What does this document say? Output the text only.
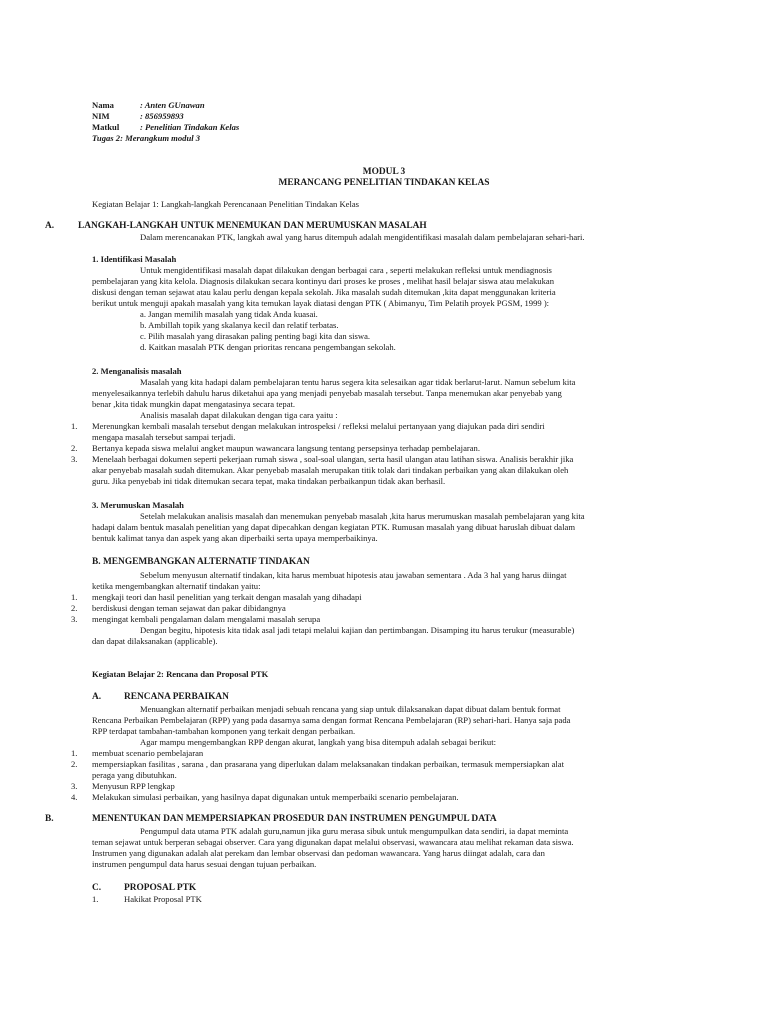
Nama	: Anten GUnawan
NIM	: 856959893
Matkul : Penelitian Tindakan Kelas
Tugas 2: Merangkum modul 3
MODUL 3
MERANCANG PENELITIAN TINDAKAN KELAS
Kegiatan Belajar 1: Langkah-langkah Perencanaan Penelitian Tindakan Kelas
A.	LANGKAH-LANGKAH UNTUK MENEMUKAN DAN MERUMUSKAN MASALAH
Dalam merencanakan PTK, langkah awal yang harus ditempuh adalah mengidentifikasi masalah dalam pembelajaran sehari-hari.
1. Identifikasi Masalah
Untuk mengidentifikasi masalah dapat dilakukan dengan berbagai cara , seperti melakukan refleksi untuk mendiagnosis
pembelajaran yang kita kelola. Diagnosis dilakukan secara kontinyu dari proses ke proses , melihat hasil belajar siswa atau melakukan
diskusi dengan teman sejawat atau kalau perlu dengan kepala sekolah. Jika masalah sudah ditemukan ,kita dapat menggunakan kriteria
berikut untuk menguji apakah masalah yang kita temukan layak diatasi dengan PTK ( Abimanyu, Tim Pelatih proyek PGSM, 1999 ):
a. Jangan memilih masalah yang tidak Anda kuasai.
b. Ambillah topik yang skalanya kecil dan relatif terbatas.
c. Pilih masalah yang dirasakan paling penting bagi kita dan siswa.
d. Kaitkan masalah PTK dengan prioritas rencana pengembangan sekolah.
2. Menganalisis masalah
Masalah yang kita hadapi dalam pembelajaran tentu harus segera kita selesaikan agar tidak berlarut-larut. Namun sebelum kita
menyelesaikannya terlebih dahulu harus diketahui apa yang menjadi penyebab masalah tersebut. Tanpa menemukan akar penyebab yang
benar ,kita tidak mungkin dapat mengatasinya secara tepat.
Analisis masalah dapat dilakukan dengan tiga cara yaitu :
1. Merenungkan kembali masalah tersebut dengan melakukan introspeksi / refleksi melalui pertanyaan yang diajukan pada diri sendiri
mengapa masalah tersebut sampai terjadi.
2. Bertanya kepada siswa melalui angket maupun wawancara langsung tentang persepsinya terhadap pembelajaran.
3. Menelaah berbagai dokumen seperti pekerjaan rumah siswa , soal-soal ulangan, serta hasil ulangan atau latihan siswa. Analisis berakhir jika
akar penyebab masalah sudah ditemukan. Akar penyebab masalah merupakan titik tolak dari tindakan perbaikan yang akan dilakukan oleh
guru. Jika penyebab ini tidak ditemukan secara tepat, maka tindakan perbaikanpun tidak akan berhasil.
3. Merumuskan Masalah
Setelah melakukan analisis masalah dan menemukan penyebab masalah ,kita harus merumuskan masalah pembelajaran yang kita
hadapi dalam bentuk masalah penelitian yang dapat dipecahkan dengan kegiatan PTK. Rumusan masalah yang dibuat haruslah dibuat dalam
bentuk kalimat tanya dan aspek yang akan diperbaiki serta upaya memperbaikinya.
B. MENGEMBANGKAN ALTERNATIF TINDAKAN
Sebelum menyusun alternatif tindakan, kita harus membuat hipotesis atau jawaban sementara . Ada 3 hal yang harus diingat
ketika mengembangkan alternatif tindakan yaitu:
1. mengkaji teori dan hasil penelitian yang terkait dengan masalah yang dihadapi
2. berdiskusi dengan teman sejawat dan pakar dibidangnya
3. mengingat kembali pengalaman dalam mengalami masalah serupa
Dengan begitu, hipotesis kita tidak asal jadi tetapi melalui kajian dan pertimbangan. Disamping itu harus terukur (measurable)
dan dapat dilaksanakan (applicable).
Kegiatan Belajar 2: Rencana dan Proposal PTK
A. RENCANA PERBAIKAN
Menuangkan alternatif perbaikan menjadi sebuah rencana yang siap untuk dilaksanakan dapat dibuat dalam bentuk format
Rencana Perbaikan Pembelajaran (RPP) yang pada dasarnya sama dengan format Rencana Pembelajaran (RP) sehari-hari. Hanya saja pada
RPP terdapat tambahan-tambahan komponen yang terkait dengan perbaikan.
Agar mampu mengembangkan RPP dengan akurat, langkah yang bisa ditempuh adalah sebagai berikut:
1. membuat scenario pembelajaran
2. mempersiapkan fasilitas , sarana , dan prasarana yang diperlukan dalam melaksanakan tindakan perbaikan, termasuk mempersiapkan alat
peraga yang dibutuhkan.
3. Menyusun RPP lengkap
4. Melakukan simulasi perbaikan, yang hasilnya dapat digunakan untuk memperbaiki scenario pembelajaran.
B.	MENENTUKAN DAN MEMPERSIAPKAN PROSEDUR DAN INSTRUMEN PENGUMPUL DATA
Pengumpul data utama PTK adalah guru,namun jika guru merasa sibuk untuk mengumpulkan data sendiri, ia dapat meminta
teman sejawat untuk berperan sebagai observer. Cara yang digunakan dapat melalui observasi, wawancara atau melihat rekaman data siswa.
Instrumen yang digunakan adalah alat perekam dan lembar observasi dan pedoman wawancara. Yang harus diingat adalah, cara dan
instrumen pengumpul data harus sesuai dengan tujuan perbaikan.
C. PROPOSAL PTK
1.	Hakikat Proposal PTK
